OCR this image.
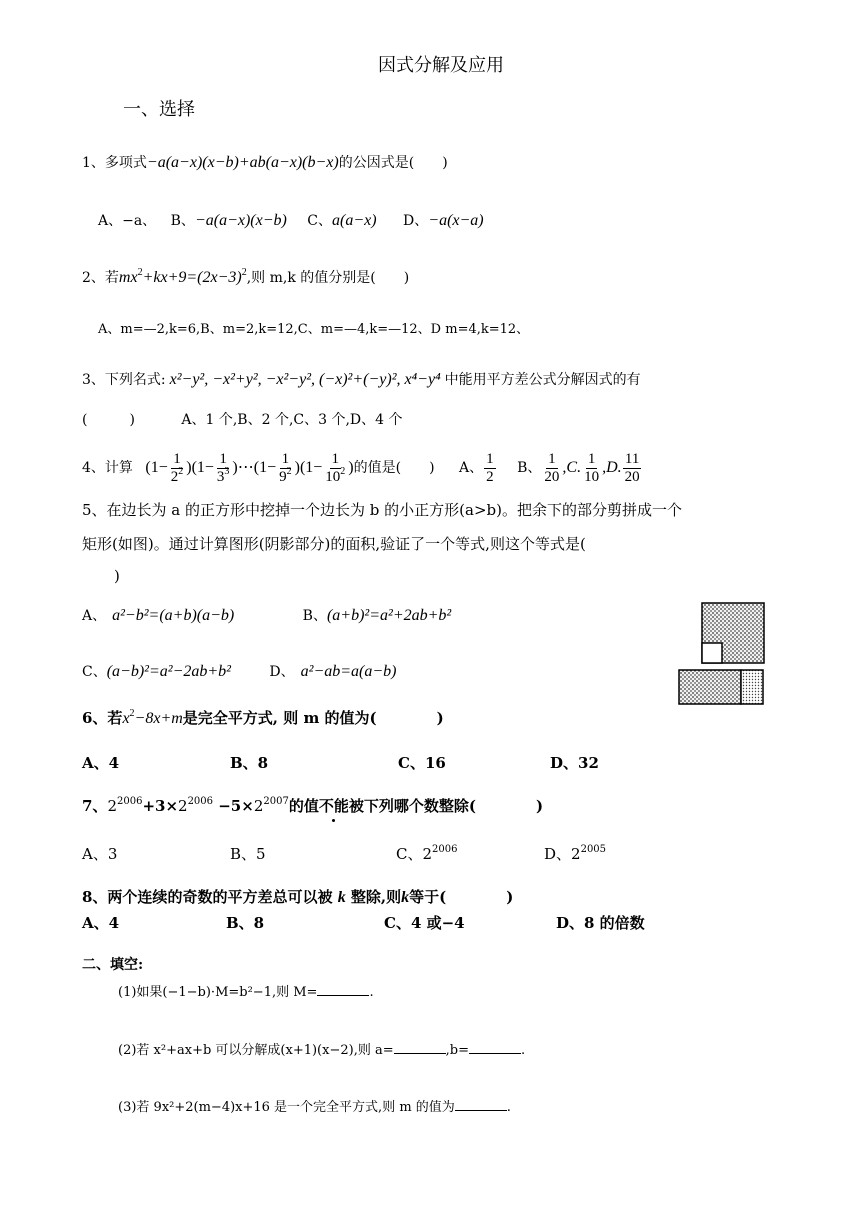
因式分解及应用
一、选择
1、多项式−a(a−x)(x−b)+ab(a−x)(b−x)的公因式是(　　)
A、−a、 B、−a(a−x)(x−b) C、a(a−x) D、−a(x−a)
2、若$mx^2+kx+9=(2x-3)^2$,则 m,k 的值分别是(　　)
A、m=—2,k=6,B、m=2,k=12,C、m=—4,k=—12、D m=4,k=12、
3、下列名式: x²−y², −x²+y², −x²−y², (−x)²+(−y)², x⁴−y⁴ 中能用平方差公式分解因式的有
(　　　)	A、1 个,B、2 个,C、3 个,D、4 个
4、计算 $(1- \frac{1}{2^2} )(1- \frac{1}{3^3}$ )⋯(1− $\frac{1}{9^2} )(1- \frac{1}{10^2}$ )的值是(　　) A、 $\frac{1}{2}$ B、 $\frac{1}{20} ,C$. $\frac{1}{10} ,D$. $\frac{11}{20}$
5、在边长为 a 的正方形中挖掉一个边长为 b 的小正方形(a>b)。把余下的部分剪拼成一个
矩形(如图)。通过计算图形(阴影部分)的面积,验证了一个等式,则这个等式是(
)
A、 a²−b²=(a+b)(a−b)	B、(a+b)²=a²+2ab+b²
C、(a−b)²=a²−2ab+b²	D、 a²−ab=a(a−b)
6、若$x^2-8x+m$是完全平方式, 则 m 的值为(　　　　)
A、4	B、8	C、16	D、32
7、$2^{2006}+3\times 2^{2006} -5\times 2^{2007}$的值不能被下列哪个数整除(　　　　)
A、3	B、5	C、$2^{2006}$	D、$2^{2005}$
8、两个连续的奇数的平方差总可以被 k 整除,则k等于(　　　　)
A、4	B、8	C、4 或−4	D、8 的倍数
二、填空:
(1)如果(−1−b)·M=b²−1,则 M=	.
(2)若 x²+ax+b 可以分解成(x+1)(x−2),则 a=	,b=	.
(3)若 9x²+2(m−4)x+16 是一个完全平方式,则 m 的值为	.
